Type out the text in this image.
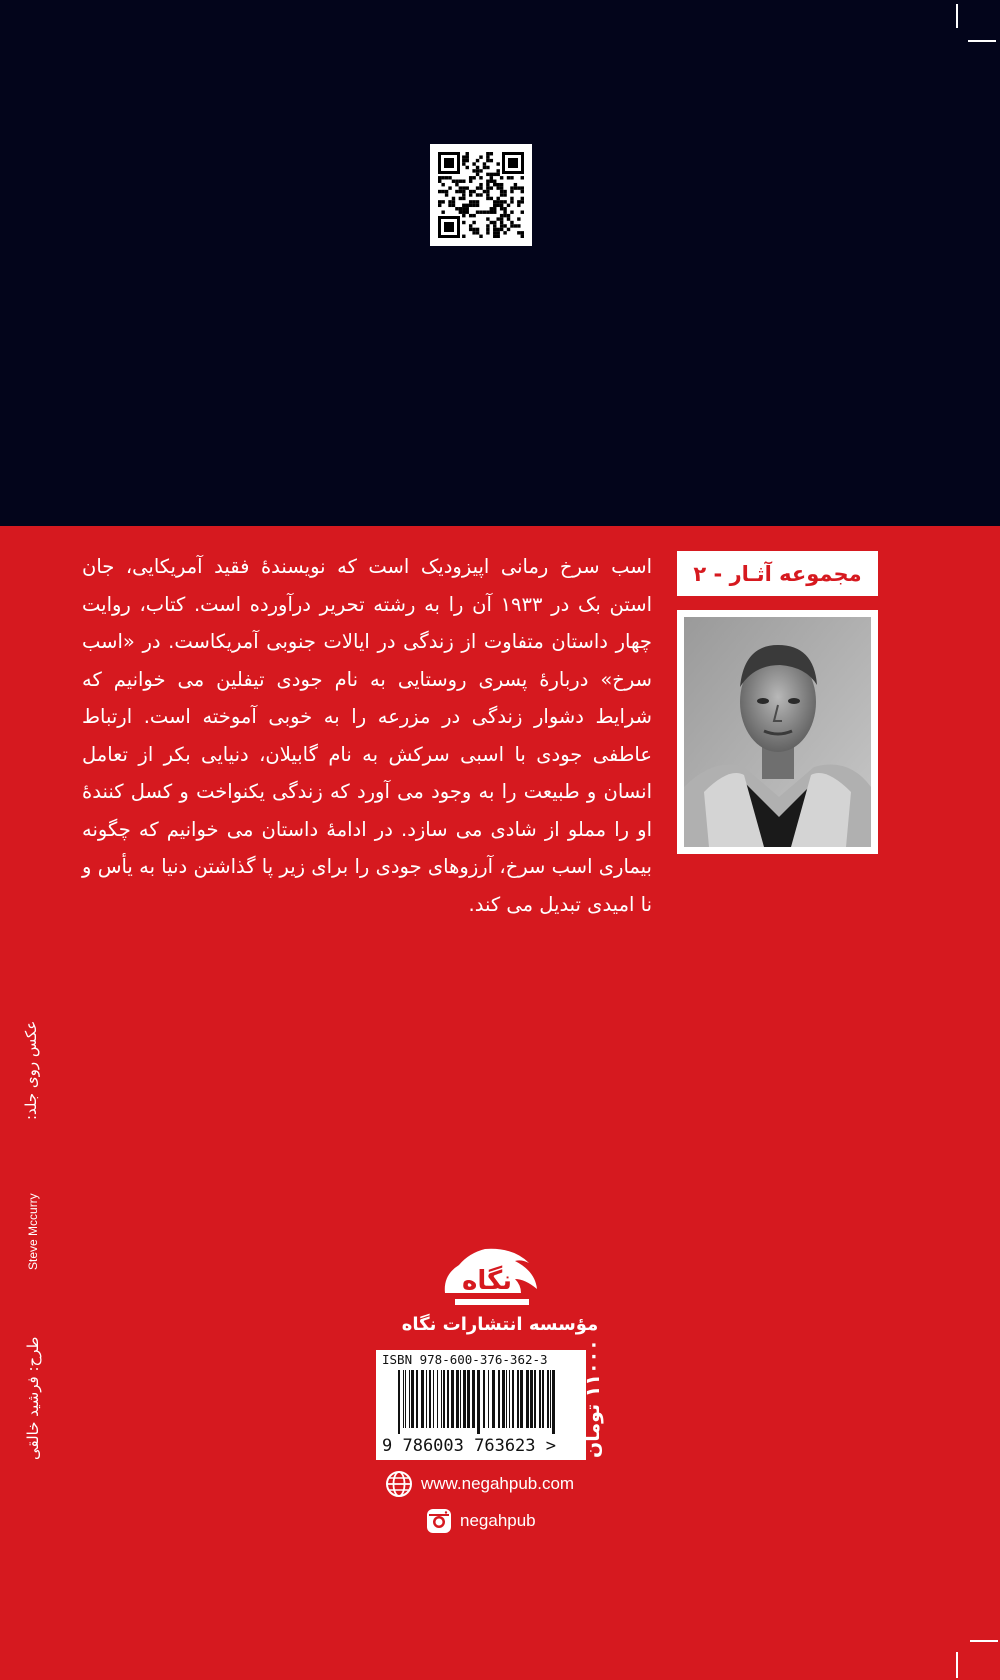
مجموعه آثـار - ۲

اسب سرخ رمانی اپیزودیک است که نویسندهٔ فقید آمریکایی، جان استن بک در ۱۹۳۳ آن را به رشته تحریر درآورده است. کتاب، روایت چهار داستان متفاوت از زندگی در ایالات جنوبی آمریکاست. در «اسب سرخ» دربارهٔ پسری روستایی به نام جودی تیفلین می خوانیم که شرایط دشوار زندگی در مزرعه را به خوبی آموخته است. ارتباط عاطفی جودی با اسبی سرکش به نام گابیلان، دنیایی بکر از تعامل انسان و طبیعت را به وجود می آورد که زندگی یکنواخت و کسل کنندهٔ او را مملو از شادی می سازد. در ادامهٔ داستان می خوانیم که چگونه بیماری اسب سرخ، آرزوهای جودی را برای زیر پا گذاشتن دنیا به یأس و نا امیدی تبدیل می کند.

عکس روی جلد:
Steve Mccurry
طرح: فرشید خالقی
نگاه
مؤسسه انتشارات نگاه
ISBN 978-600-376-362-3
9 786003 763623 > ۱۱۰۰۰ تومان
www.negahpub.com
negahpub
